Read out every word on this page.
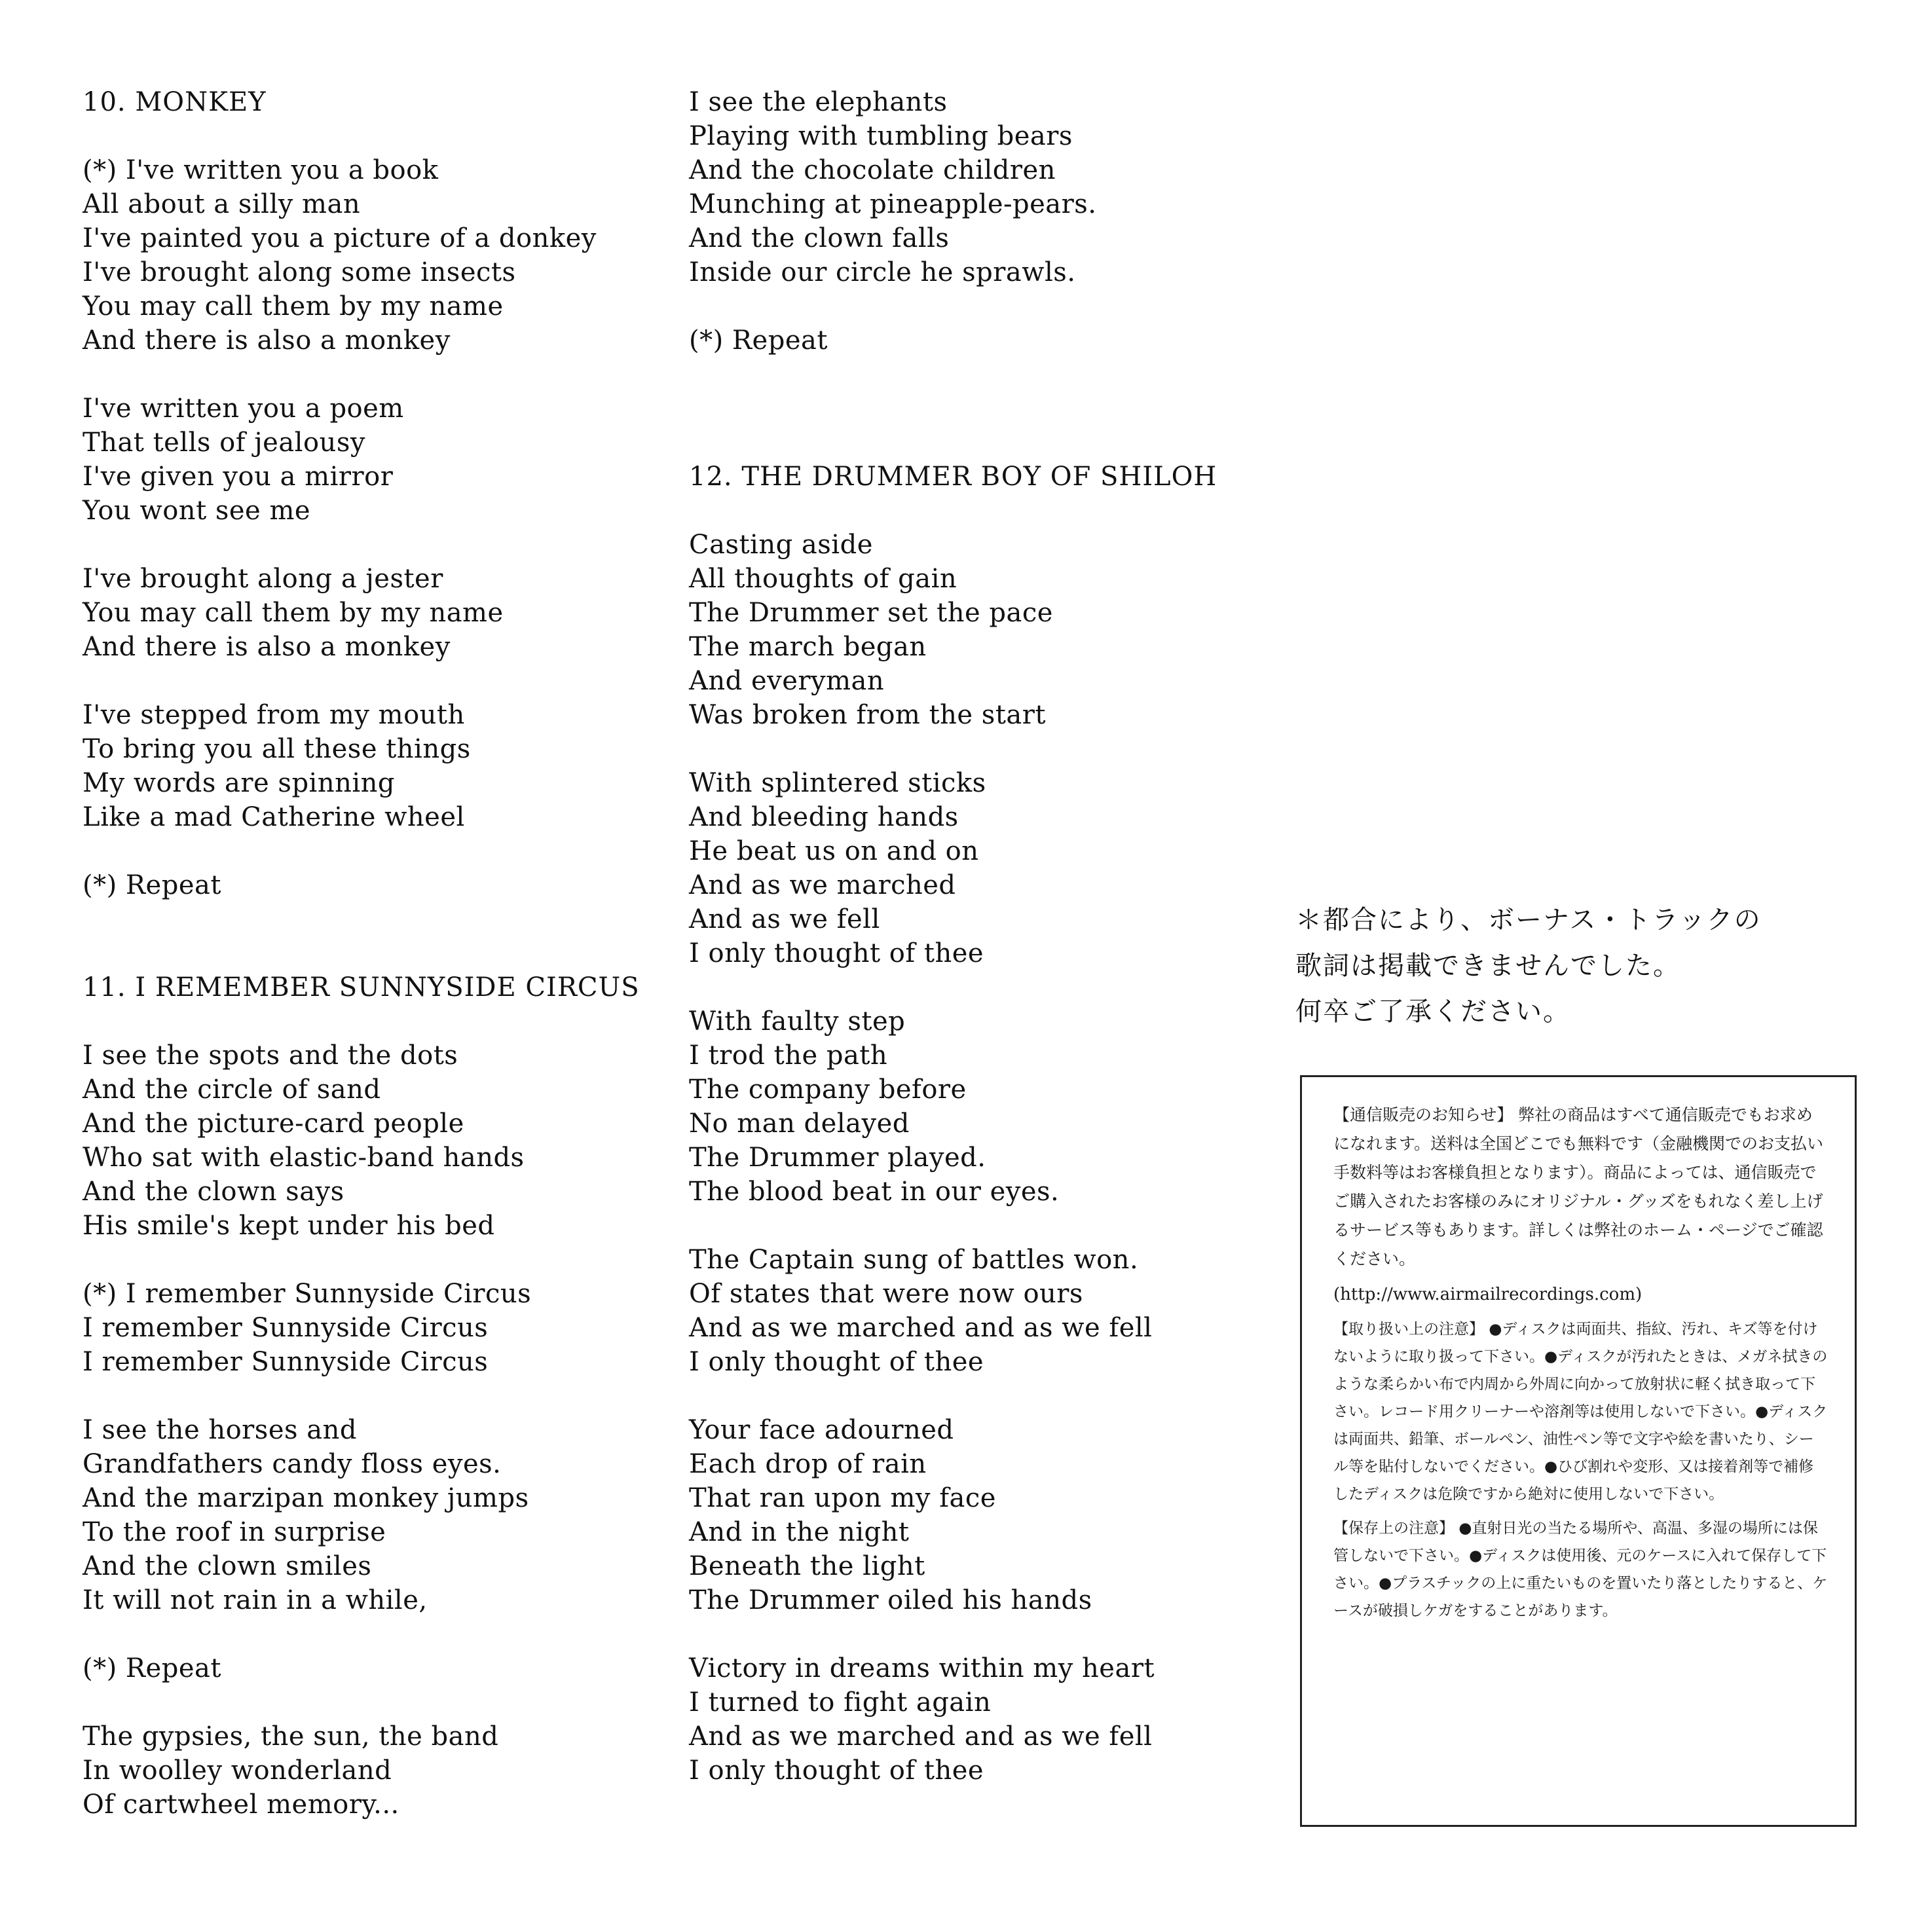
10. MONKEY
(*) I've written you a book
All about a silly man
I've painted you a picture of a donkey
I've brought along some insects
You may call them by my name
And there is also a monkey
I've written you a poem
That tells of jealousy
I've given you a mirror
You wont see me
I've brought along a jester
You may call them by my name
And there is also a monkey
I've stepped from my mouth
To bring you all these things
My words are spinning
Like a mad Catherine wheel
(*) Repeat
11. I REMEMBER SUNNYSIDE CIRCUS
I see the spots and the dots
And the circle of sand
And the picture-card people
Who sat with elastic-band hands
And the clown says
His smile's kept under his bed
(*) I remember Sunnyside Circus
I remember Sunnyside Circus
I remember Sunnyside Circus
I see the horses and
Grandfathers candy floss eyes.
And the marzipan monkey jumps
To the roof in surprise
And the clown smiles
It will not rain in a while,
(*) Repeat
The gypsies, the sun, the band
In woolley wonderland
Of cartwheel memory...
I see the elephants
Playing with tumbling bears
And the chocolate children
Munching at pineapple-pears.
And the clown falls
Inside our circle he sprawls.
(*) Repeat
12. THE DRUMMER BOY OF SHILOH
Casting aside
All thoughts of gain
The Drummer set the pace
The march began
And everyman
Was broken from the start
With splintered sticks
And bleeding hands
He beat us on and on
And as we marched
And as we fell
I only thought of thee
With faulty step
I trod the path
The company before
No man delayed
The Drummer played.
The blood beat in our eyes.
The Captain sung of battles won.
Of states that were now ours
And as we marched and as we fell
I only thought of thee
Your face adourned
Each drop of rain
That ran upon my face
And in the night
Beneath the light
The Drummer oiled his hands
Victory in dreams within my heart
I turned to fight again
And as we marched and as we fell
I only thought of thee
＊都合により、ボーナス・トラックの
歌詞は掲載できませんでした。
何卒ご了承ください。

【通信販売のお知らせ】 弊社の商品はすべて通信販売でもお求めになれます。送料は全国どこでも無料です（金融機関でのお支払い手数料等はお客様負担となります）。商品によっては、通信販売でご購入されたお客様のみにオリジナル・グッズをもれなく差し上げるサービス等もあります。詳しくは弊社のホーム・ページでご確認ください。

(http://www.airmailrecordings.com)

【取り扱い上の注意】 ●ディスクは両面共、指紋、汚れ、キズ等を付けないように取り扱って下さい。●ディスクが汚れたときは、メガネ拭きのような柔らかい布で内周から外周に向かって放射状に軽く拭き取って下さい。レコード用クリーナーや溶剤等は使用しないで下さい。●ディスクは両面共、鉛筆、ボールペン、油性ペン等で文字や絵を書いたり、シール等を貼付しないでください。●ひび割れや変形、又は接着剤等で補修したディスクは危険ですから絶対に使用しないで下さい。

【保存上の注意】 ●直射日光の当たる場所や、高温、多湿の場所には保管しないで下さい。●ディスクは使用後、元のケースに入れて保存して下さい。●プラスチックの上に重たいものを置いたり落としたりすると、ケースが破損しケガをすることがあります。
